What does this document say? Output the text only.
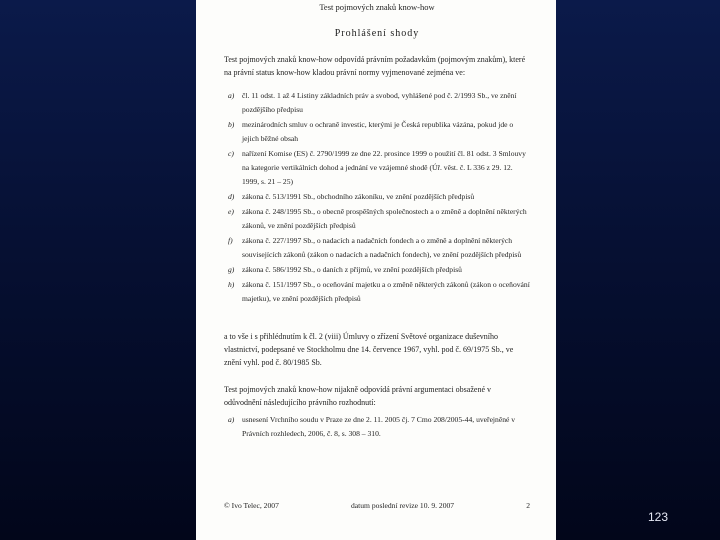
Test pojmových znaků know-how
Prohlášení shody
Test pojmových znaků know-how odpovídá právním požadavkům (pojmovým znakům), které na právní status know-how kladou právní normy vyjmenované zejména ve:
a)	čl. 11 odst. 1 až 4 Listiny základních práv a svobod, vyhlášené pod č. 2/1993 Sb., ve znění pozdějšího předpisu
b)	mezinárodních smluv o ochraně investic, kterými je Česká republika vázána, pokud jde o jejich běžné obsah
c)	nařízení Komise (ES) č. 2790/1999 ze dne 22. prosince 1999 o použití čl. 81 odst. 3 Smlouvy na kategorie vertikálních dohod a jednání ve vzájemné shodě (Úř. věst. č. L 336 z 29. 12. 1999, s. 21 – 25)
d)	zákona č. 513/1991 Sb., obchodního zákoníku, ve znění pozdějších předpisů
e)	zákona č. 248/1995 Sb., o obecně prospěšných společnostech a o změně a doplnění některých zákonů, ve znění pozdějších předpisů
f)	zákona č. 227/1997 Sb., o nadacích a nadačních fondech a o změně a doplnění některých souvisejících zákonů (zákon o nadacích a nadačních fondech), ve znění pozdějších předpisů
g)	zákona č. 586/1992 Sb., o daních z příjmů, ve znění pozdějších předpisů
h)	zákona č. 151/1997 Sb., o oceňování majetku a o změně některých zákonů (zákon o oceňování majetku), ve znění pozdějších předpisů
a to vše i s přihlédnutím k čl. 2 (viii) Úmluvy o zřízení Světové organizace duševního vlastnictví, podepsané ve Stockholmu dne 14. července 1967, vyhl. pod č. 69/1975 Sb., ve znění vyhl. pod č. 80/1985 Sb.
Test pojmových znaků know-how nijakně odpovídá právní argumentaci obsažené v odůvodnění následujícího právního rozhodnutí:
a)	usnesení Vrchního soudu v Praze ze dne 2. 11. 2005 čj. 7 Cmo 208/2005-44, uveřejněné v Právních rozhledech, 2006, č. 8, s. 308 – 310.
© Ivo Telec, 2007	datum poslední revize 10. 9. 2007	2
123
